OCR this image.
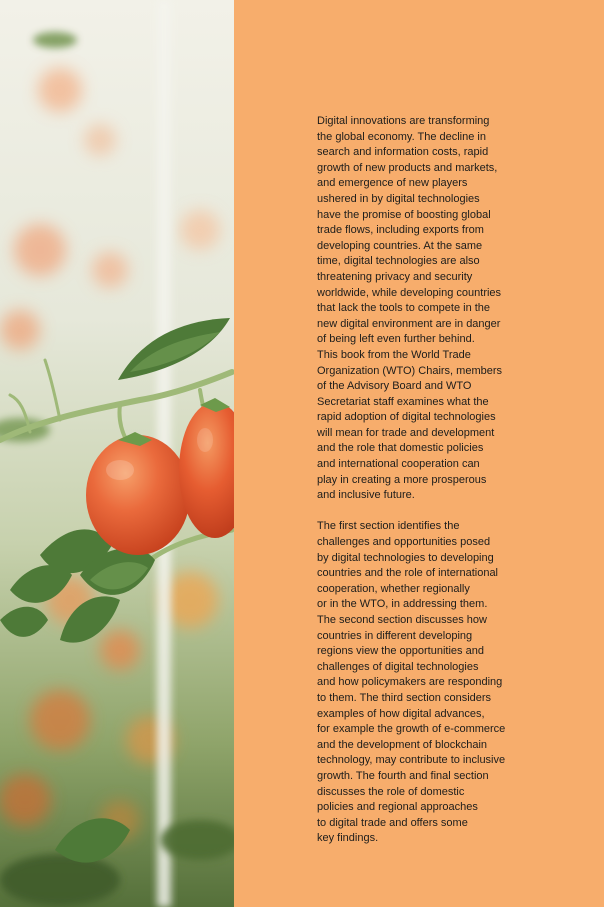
Digital innovations are transforming
the global economy. The decline in
search and information costs, rapid
growth of new products and markets,
and emergence of new players
ushered in by digital technologies
have the promise of boosting global
trade flows, including exports from
developing countries. At the same
time, digital technologies are also
threatening privacy and security
worldwide, while developing countries
that lack the tools to compete in the
new digital environment are in danger
of being left even further behind.
This book from the World Trade
Organization (WTO) Chairs, members
of the Advisory Board and WTO
Secretariat staff examines what the
rapid adoption of digital technologies
will mean for trade and development
and the role that domestic policies
and international cooperation can
play in creating a more prosperous
and inclusive future.

The first section identifies the
challenges and opportunities posed
by digital technologies to developing
countries and the role of international
cooperation, whether regionally
or in the WTO, in addressing them.
The second section discusses how
countries in different developing
regions view the opportunities and
challenges of digital technologies
and how policymakers are responding
to them. The third section considers
examples of how digital advances,
for example the growth of e-commerce
and the development of blockchain
technology, may contribute to inclusive
growth. The fourth and final section
discusses the role of domestic
policies and regional approaches
to digital trade and offers some
key findings.
